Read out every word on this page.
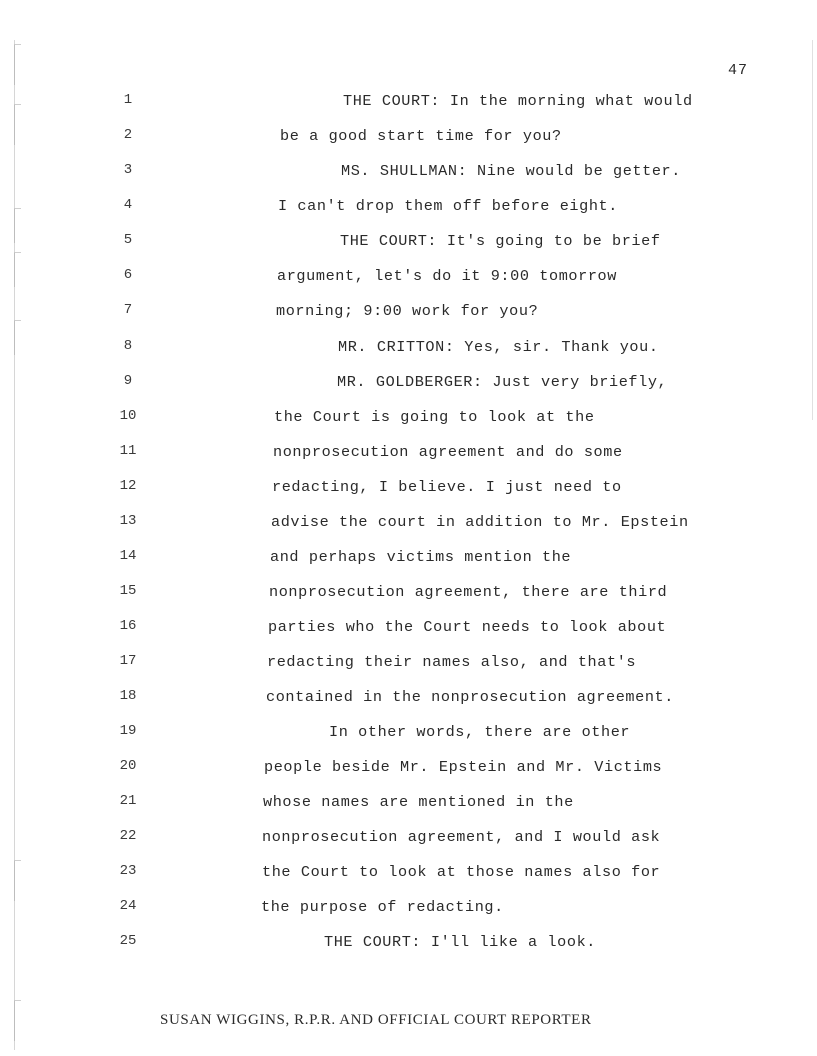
47
1	THE COURT: In the morning what would
2	be a good start time for you?
3	MS. SHULLMAN: Nine would be getter.
4	I can't drop them off before eight.
5	THE COURT: It's going to be brief
6	argument, let's do it 9:00 tomorrow
7	morning; 9:00 work for you?
8	MR. CRITTON: Yes, sir. Thank you.
9	MR. GOLDBERGER: Just very briefly,
10	the Court is going to look at the
11	nonprosecution agreement and do some
12	redacting, I believe. I just need to
13	advise the court in addition to Mr. Epstein
14	and perhaps victims mention the
15	nonprosecution agreement, there are third
16	parties who the Court needs to look about
17	redacting their names also, and that's
18	contained in the nonprosecution agreement.
19	In other words, there are other
20	people beside Mr. Epstein and Mr. Victims
21	whose names are mentioned in the
22	nonprosecution agreement, and I would ask
23	the Court to look at those names also for
24	the purpose of redacting.
25	THE COURT: I'll like a look.
SUSAN WIGGINS, R.P.R. AND OFFICIAL COURT REPORTER
